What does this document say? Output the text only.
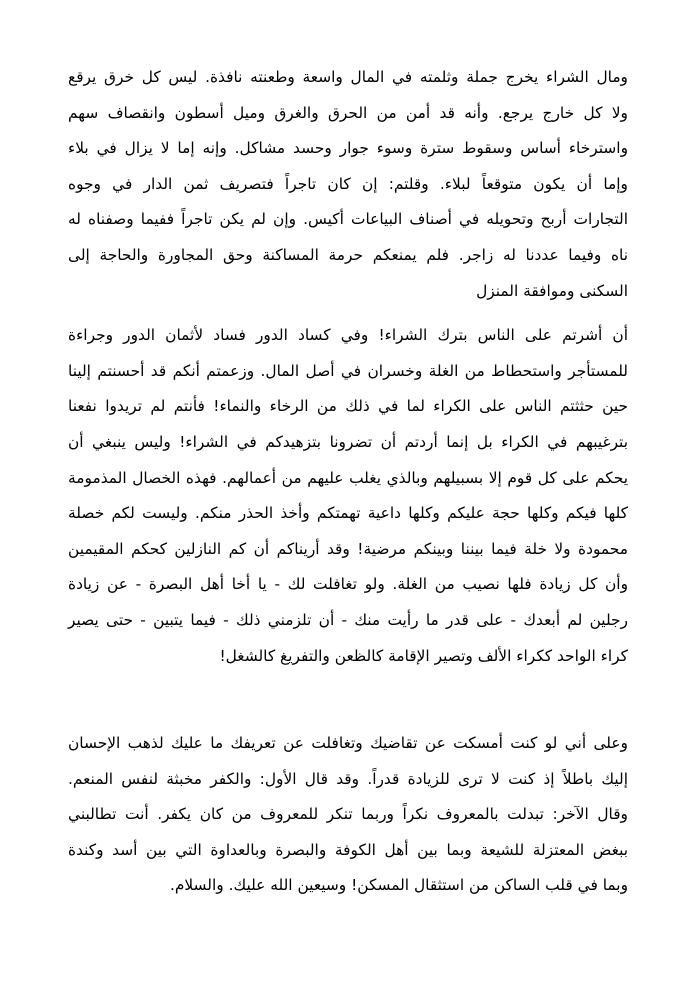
ومال الشراء يخرج جملة وثلمته في المال واسعة وطعنته نافذة. ليس كل خرق يرقع
ولا كل خارج يرجع. وأنه قد أمن من الحرق والغرق وميل أسطون وانقصاف سهم
واسترخاء أساس وسقوط سترة وسوء جوار وحسد مشاكل. وإنه إما لا يزال في بلاء
وإما أن يكون متوقعاً لبلاء. وقلتم: إن كان تاجراً فتصريف ثمن الدار في وجوه
التجارات أربح وتحويله في أصناف البياعات أكيس. وإن لم يكن تاجراً ففيما وصفناه له
ناه وفيما عددنا له زاجر. فلم يمنعكم حرمة المساكنة وحق المجاورة والحاجة إلى
السكنى وموافقة المنزل
أن أشرتم على الناس بترك الشراء! وفي كساد الدور فساد لأثمان الدور وجراءة
للمستأجر واستحطاط من الغلة وخسران في أصل المال. وزعمتم أنكم قد أحسنتم إلينا
حين حثثتم الناس على الكراء لما في ذلك من الرخاء والنماء! فأنتم لم تريدوا نفعنا
بترغيبهم في الكراء بل إنما أردتم أن تضرونا بتزهيدكم في الشراء! وليس ينبغي أن
يحكم على كل قوم إلا بسبيلهم وبالذي يغلب عليهم من أعمالهم. فهذه الخصال المذمومة
كلها فيكم وكلها حجة عليكم وكلها داعية تهمتكم وأخذ الحذر منكم. وليست لكم خصلة
محمودة ولا خلة فيما بيننا وبينكم مرضية! وقد أريناكم أن كم النازلين كحكم المقيمين
وأن كل زيادة فلها نصيب من الغلة. ولو تغافلت لك - يا أخا أهل البصرة - عن زيادة
رجلين لم أبعدك - على قدر ما رأيت منك - أن تلزمني ذلك - فيما يتبين - حتى يصير
كراء الواحد ككراء الألف وتصير الإقامة كالظعن والتفريغ كالشغل!
وعلى أني لو كنت أمسكت عن تقاضيك وتغافلت عن تعريفك ما عليك لذهب الإحسان
إليك باطلاً إذ كنت لا ترى للزيادة قدراً. وقد قال الأول: والكفر مخبثة لنفس المنعم.
وقال الآخر: تبدلت بالمعروف نكراً وربما تنكر للمعروف من كان يكفر. أنت تطالبني
ببغض المعتزلة للشيعة وبما بين أهل الكوفة والبصرة وبالعداوة التي بين أسد وكندة
وبما في قلب الساكن من استثقال المسكن! وسيعين الله عليك. والسلام.
